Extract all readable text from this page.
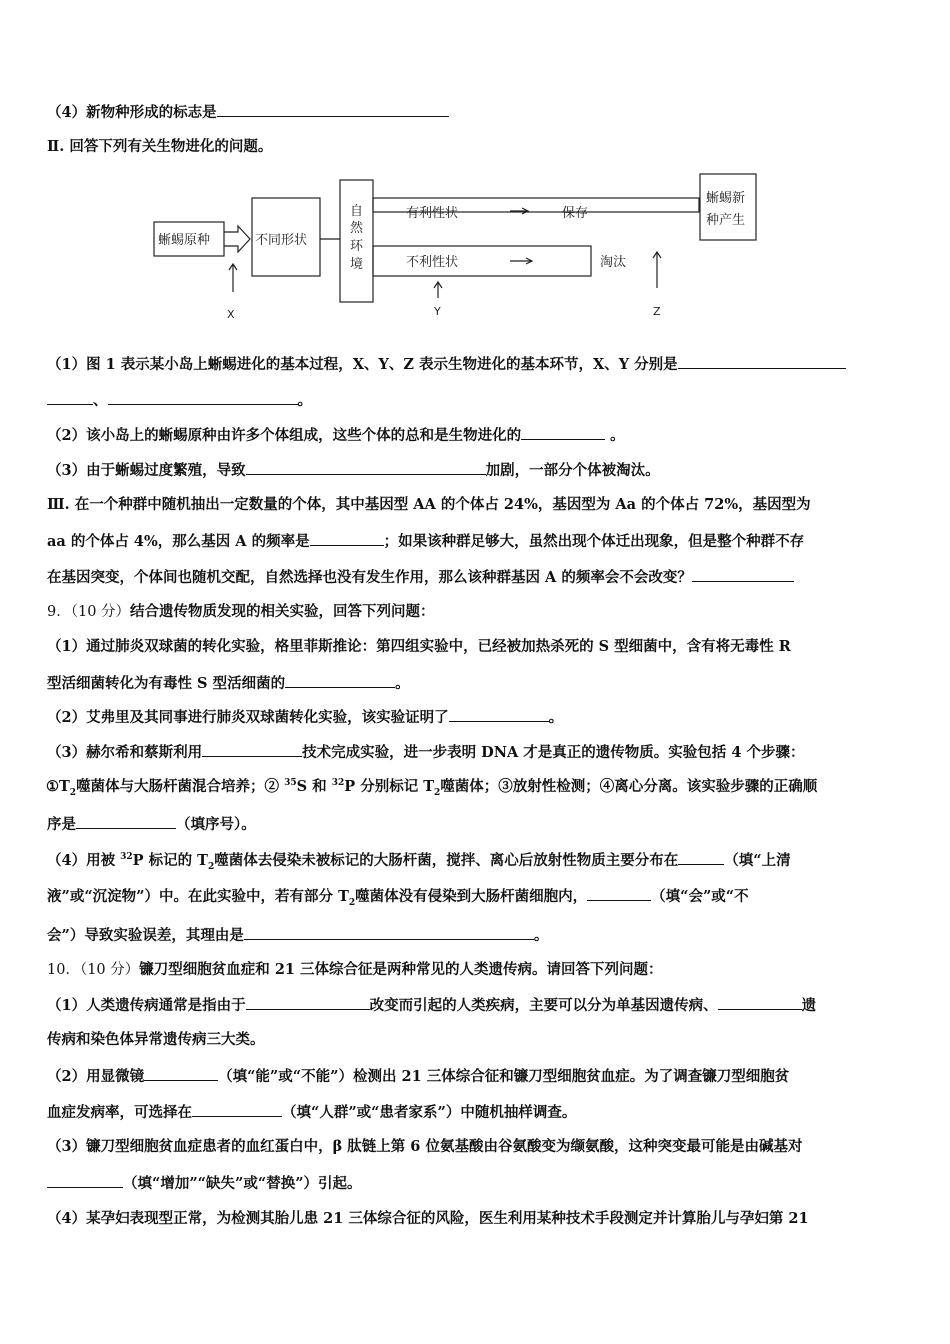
（4）新物种形成的标志是
Ⅱ. 回答下列有关生物进化的问题。
蜥蜴原种	不同形状
自
然
环
境
有利性状	保存
不利性状	淘汰
蜥蜴新
种产生
X	Y	Z
（1）图 1 表示某小岛上蜥蜴进化的基本过程，X、Y、Z 表示生物进化的基本环节，X、Y 分别是
、	。
（2）该小岛上的蜥蜴原种由许多个体组成，这些个体的总和是生物进化的	。
（3）由于蜥蜴过度繁殖，导致	加剧，一部分个体被淘汰。
Ⅲ. 在一个种群中随机抽出一定数量的个体，其中基因型 AA 的个体占 24%，基因型为 Aa 的个体占 72%，基因型为
aa 的个体占 4%，那么基因 A 的频率是	；如果该种群足够大，虽然出现个体迁出现象，但是整个种群不存
在基因突变，个体间也随机交配，自然选择也没有发生作用，那么该种群基因 A 的频率会不会改变？
9．（10 分）结合遗传物质发现的相关实验，回答下列问题：
（1）通过肺炎双球菌的转化实验，格里菲斯推论：第四组实验中，已经被加热杀死的 S 型细菌中，含有将无毒性 R
型活细菌转化为有毒性 S 型活细菌的	。
（2）艾弗里及其同事进行肺炎双球菌转化实验，该实验证明了	。
（3）赫尔希和蔡斯利用	技术完成实验，进一步表明 DNA 才是真正的遗传物质。实验包括 4 个步骤：
$①T_2$噬菌体与大肠杆菌混合培养；② $^{35}$S 和 $^{32}$P 分别标记 $T_2$噬菌体；③放射性检测；④离心分离。该实验步骤的正确顺
序是	（填序号）。
（4）用被 $^{32}$P 标记的 $T_2$噬菌体去侵染未被标记的大肠杆菌，搅拌、离心后放射性物质主要分布在	（填“上清
液”或“沉淀物”）中。在此实验中，若有部分 $T_2$噬菌体没有侵染到大肠杆菌细胞内，	（填“会”或“不
会”）导致实验误差，其理由是	。
10．（10 分）镰刀型细胞贫血症和 21 三体综合征是两种常见的人类遗传病。请回答下列问题：
（1）人类遗传病通常是指由于	改变而引起的人类疾病，主要可以分为单基因遗传病、	遗
传病和染色体异常遗传病三大类。
（2）用显微镜	（填“能”或“不能”）检测出 21 三体综合征和镰刀型细胞贫血症。为了调查镰刀型细胞贫
血症发病率，可选择在	（填“人群”或“患者家系”）中随机抽样调查。
（3）镰刀型细胞贫血症患者的血红蛋白中，β 肽链上第 6 位氨基酸由谷氨酸变为缬氨酸，这种突变最可能是由碱基对
（填“增加”“缺失”或“替换”）引起。
（4）某孕妇表现型正常，为检测其胎儿患 21 三体综合征的风险，医生利用某种技术手段测定并计算胎儿与孕妇第 21
